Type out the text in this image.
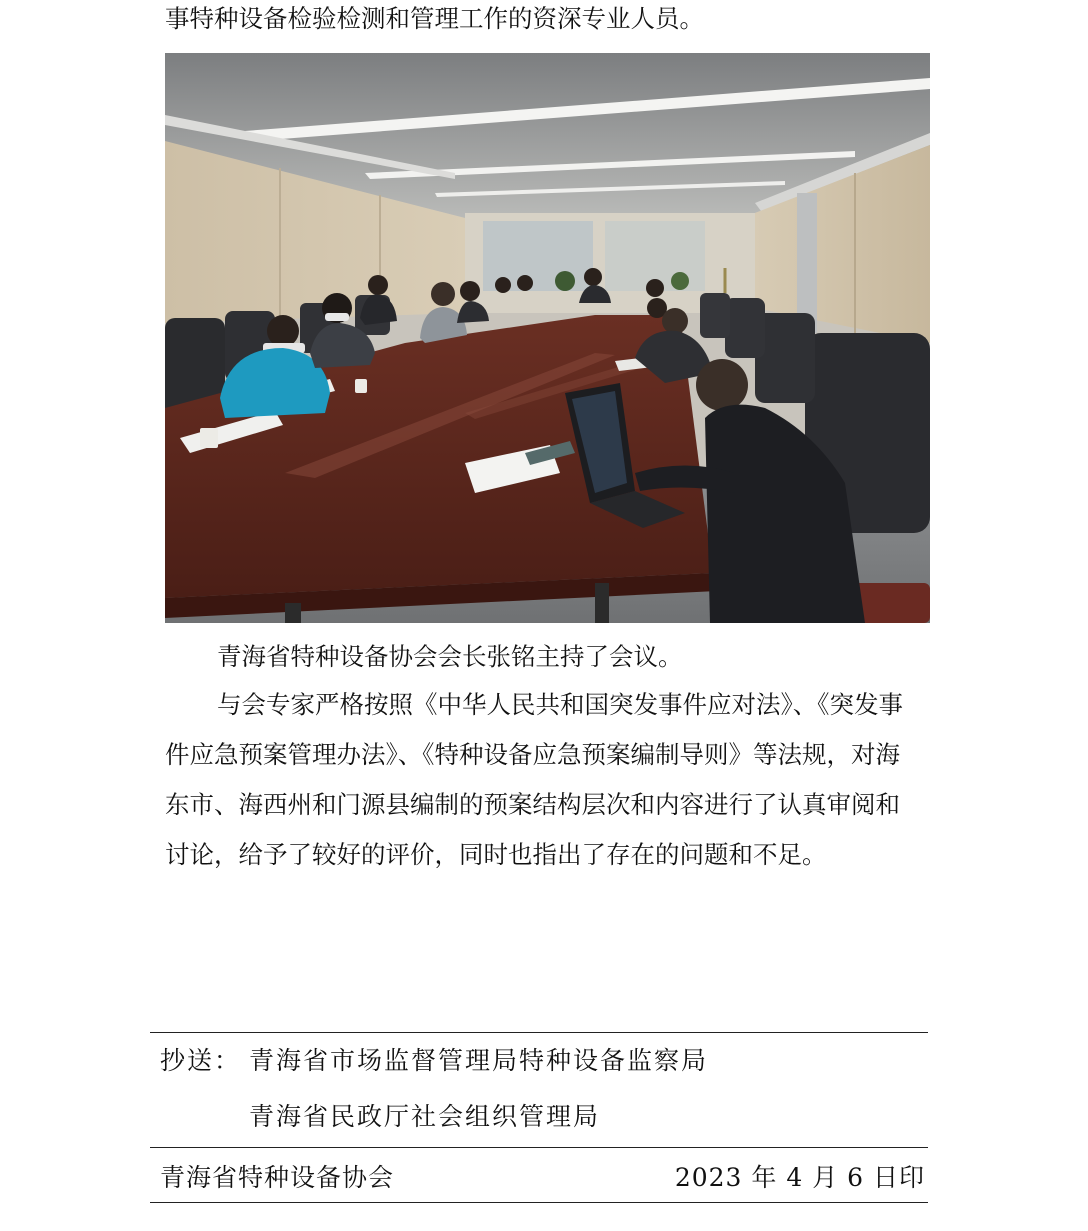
事特种设备检验检测和管理工作的资深专业人员。
青海省特种设备协会会长张铭主持了会议。
与会专家严格按照《中华人民共和国突发事件应对法》、《突发事
件应急预案管理办法》、《特种设备应急预案编制导则》等法规，对海
东市、海西州和门源县编制的预案结构层次和内容进行了认真审阅和
讨论，给予了较好的评价，同时也指出了存在的问题和不足。
抄送： 青海省市场监督管理局特种设备监察局
青海省民政厅社会组织管理局
青海省特种设备协会	2023 年 4 月 6 日印
